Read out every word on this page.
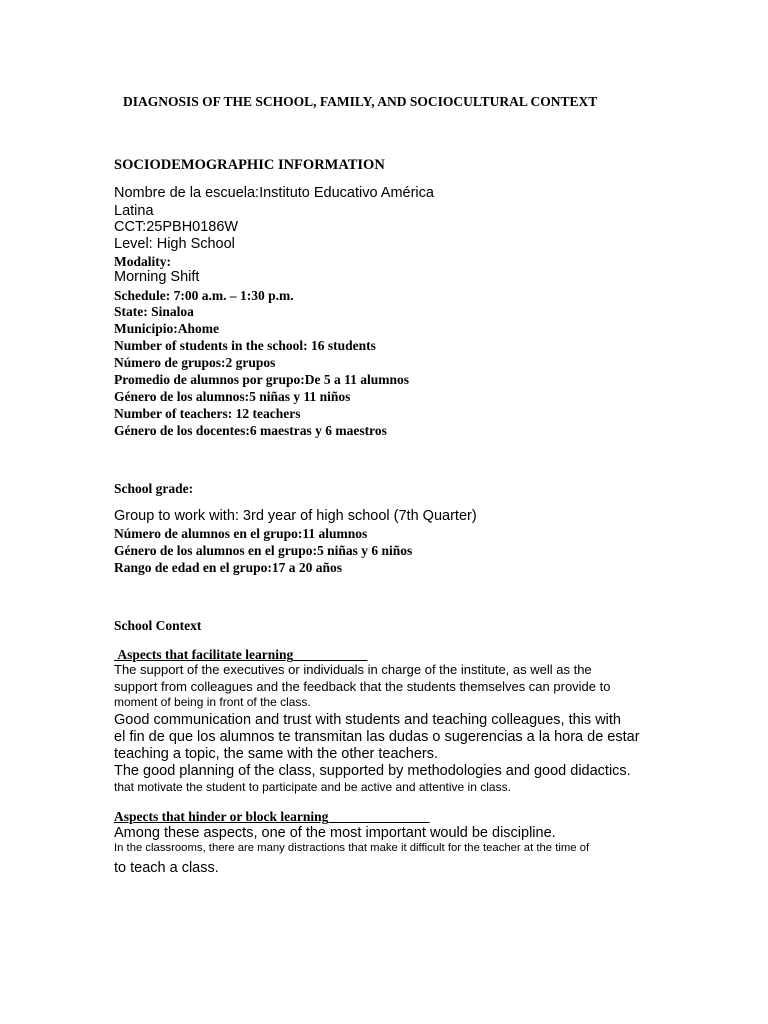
DIAGNOSIS OF THE SCHOOL, FAMILY, AND SOCIOCULTURAL CONTEXT

SOCIODEMOGRAPHIC INFORMATION

Nombre de la escuela:Instituto Educativo América

Latina

CCT:25PBH0186W

Level: High School

Modality:

Morning Shift

Schedule: 7:00 a.m. – 1:30 p.m.

State: Sinaloa

Municipio:Ahome

Number of students in the school: 16 students

Número de grupos:2 grupos

Promedio de alumnos por grupo:De 5 a 11 alumnos

Género de los alumnos:5 niñas y 11 niños

Number of teachers: 12 teachers

Género de los docentes:6 maestras y 6 maestros

School grade:

Group to work with: 3rd year of high school (7th Quarter)

Número de alumnos en el grupo:11 alumnos

Género de los alumnos en el grupo:5 niñas y 6 niños

Rango de edad en el grupo:17 a 20 años

School Context

Aspects that facilitate learning

The support of the executives or individuals in charge of the institute, as well as the

support from colleagues and the feedback that the students themselves can provide to

moment of being in front of the class.

Good communication and trust with students and teaching colleagues, this with

el fin de que los alumnos te transmitan las dudas o sugerencias a la hora de estar

teaching a topic, the same with the other teachers.

The good planning of the class, supported by methodologies and good didactics.

that motivate the student to participate and be active and attentive in class.

Aspects that hinder or block learning

Among these aspects, one of the most important would be discipline.

In the classrooms, there are many distractions that make it difficult for the teacher at the time of

to teach a class.
